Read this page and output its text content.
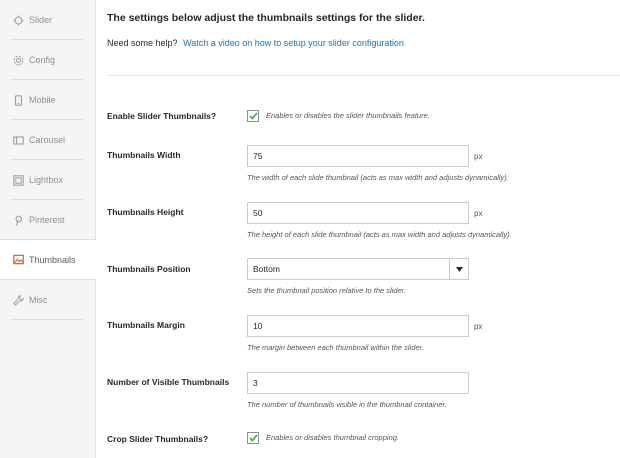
Slider
Config
Mobile
Carousel
Lightbox
Pinterest
Thumbnails
Misc
The settings below adjust the thumbnails settings for the slider.
Need some help? Watch a video on how to setup your slider configuration
Enable Slider Thumbnails?	Enables or disables the slider thumbnails feature.
Thumbnails Width	75	px
The width of each slide thumbnail (acts as max width and adjusts dynamically).
Thumbnails Height	50	px
The height of each slide thumbnail (acts as max width and adjusts dynamically).
Thumbnails Position	Bottom
Sets the thumbnail position relative to the slider.
Thumbnails Margin	10	px
The margin between each thumbnail within the slider.
Number of Visible Thumbnails	3
The number of thumbnails visible in the thumbnail container.
Crop Slider Thumbnails?	Enables or disables thumbnail cropping.
